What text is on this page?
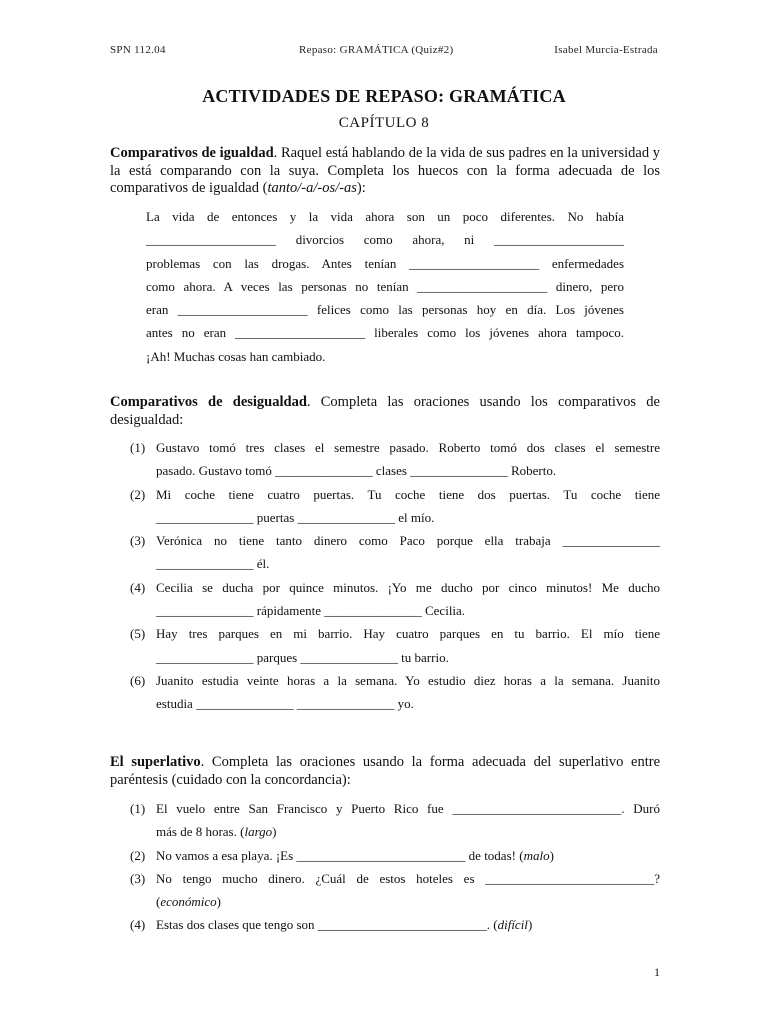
SPN 112.04	Repaso: GRAMÁTICA (Quiz#2)	Isabel Murcia-Estrada
ACTIVIDADES DE REPASO: GRAMÁTICA
CAPÍTULO 8
Comparativos de igualdad. Raquel está hablando de la vida de sus padres en la universidad y la está comparando con la suya. Completa los huecos con la forma adecuada de los comparativos de igualdad (tanto/-a/-os/-as):
La vida de entonces y la vida ahora son un poco diferentes. No había
____________________ divorcios como ahora, ni ____________________
problemas con las drogas. Antes tenían ____________________ enfermedades
como ahora. A veces las personas no tenían ____________________ dinero, pero
eran ____________________ felices como las personas hoy en día. Los jóvenes
antes no eran ____________________ liberales como los jóvenes ahora tampoco.
¡Ah! Muchas cosas han cambiado.
Comparativos de desigualdad. Completa las oraciones usando los comparativos de desigualdad:
(1) Gustavo tomó tres clases el semestre pasado. Roberto tomó dos clases el semestre
pasado. Gustavo tomó _______________ clases _______________ Roberto.
(2) Mi coche tiene cuatro puertas. Tu coche tiene dos puertas. Tu coche tiene
_______________ puertas _______________ el mío.
(3) Verónica no tiene tanto dinero como Paco porque ella trabaja _______________
_______________ él.
(4) Cecilia se ducha por quince minutos. ¡Yo me ducho por cinco minutos! Me ducho
_______________ rápidamente _______________ Cecilia.
(5) Hay tres parques en mi barrio. Hay cuatro parques en tu barrio. El mío tiene
_______________ parques _______________ tu barrio.
(6) Juanito estudia veinte horas a la semana. Yo estudio diez horas a la semana. Juanito
estudia _______________ _______________ yo.
El superlativo. Completa las oraciones usando la forma adecuada del superlativo entre paréntesis (cuidado con la concordancia):
(1) El vuelo entre San Francisco y Puerto Rico fue __________________________. Duró
más de 8 horas. (largo)
(2) No vamos a esa playa. ¡Es __________________________ de todas! (malo)
(3) No tengo mucho dinero. ¿Cuál de estos hoteles es __________________________?
(económico)
(4) Estas dos clases que tengo son __________________________. (difícil)
1
